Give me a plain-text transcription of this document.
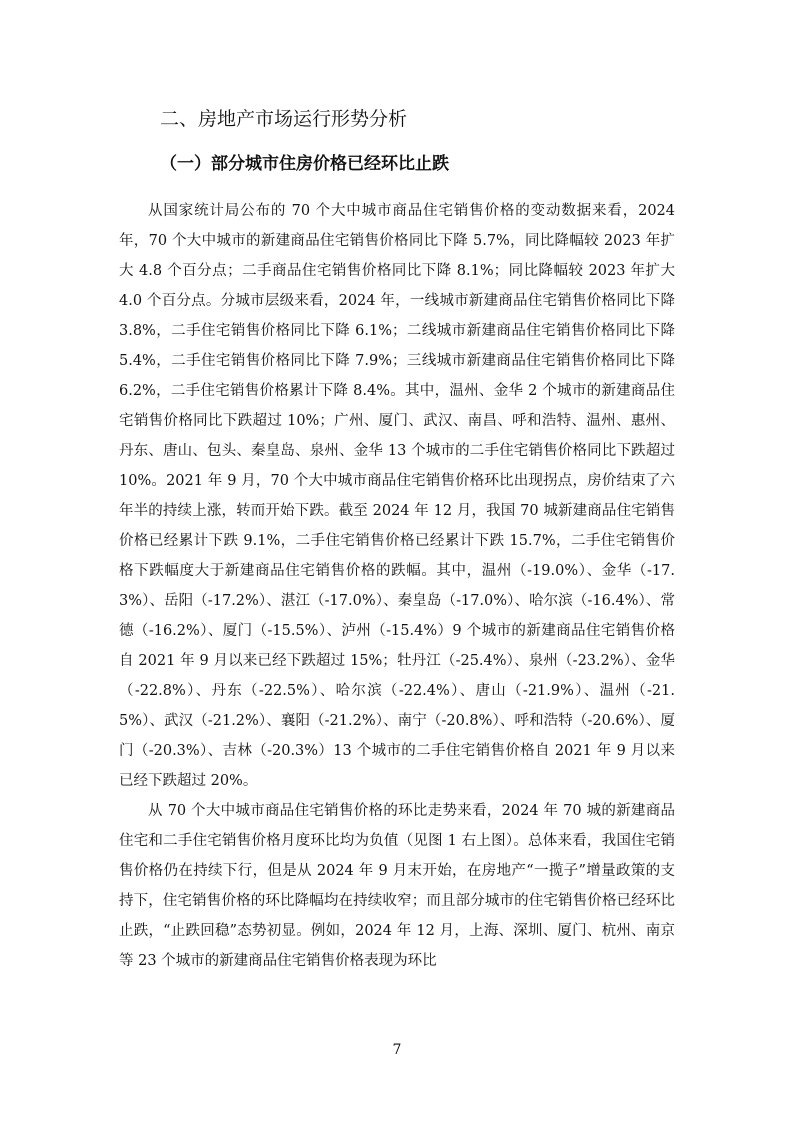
二、房地产市场运行形势分析
（一）部分城市住房价格已经环比止跌

从国家统计局公布的 70 个大中城市商品住宅销售价格的变动数据来看，2024 年，70 个大中城市的新建商品住宅销售价格同比下降 5.7%，同比降幅较 2023 年扩大 4.8 个百分点；二手商品住宅销售价格同比下降 8.1%；同比降幅较 2023 年扩大 4.0 个百分点。分城市层级来看，2024 年，一线城市新建商品住宅销售价格同比下降 3.8%，二手住宅销售价格同比下降 6.1%；二线城市新建商品住宅销售价格同比下降 5.4%，二手住宅销售价格同比下降 7.9%；三线城市新建商品住宅销售价格同比下降 6.2%，二手住宅销售价格累计下降 8.4%。其中，温州、金华 2 个城市的新建商品住宅销售价格同比下跌超过 10%；广州、厦门、武汉、南昌、呼和浩特、温州、惠州、丹东、唐山、包头、秦皇岛、泉州、金华 13 个城市的二手住宅销售价格同比下跌超过 10%。2021 年 9 月，70 个大中城市商品住宅销售价格环比出现拐点，房价结束了六年半的持续上涨，转而开始下跌。截至 2024 年 12 月，我国 70 城新建商品住宅销售价格已经累计下跌 9.1%，二手住宅销售价格已经累计下跌 15.7%，二手住宅销售价格下跌幅度大于新建商品住宅销售价格的跌幅。其中，温州（-19.0%）、金华（-17.3%）、岳阳（-17.2%）、湛江（-17.0%）、秦皇岛（-17.0%）、哈尔滨（-16.4%）、常德（-16.2%）、厦门（-15.5%）、泸州（-15.4%）9 个城市的新建商品住宅销售价格自 2021 年 9 月以来已经下跌超过 15%；牡丹江（-25.4%）、泉州（-23.2%）、金华（-22.8%）、丹东（-22.5%）、哈尔滨（-22.4%）、唐山（-21.9%）、温州（-21.5%）、武汉（-21.2%）、襄阳（-21.2%）、南宁（-20.8%）、呼和浩特（-20.6%）、厦门（-20.3%）、吉林（-20.3%）13 个城市的二手住宅销售价格自 2021 年 9 月以来已经下跌超过 20%。

从 70 个大中城市商品住宅销售价格的环比走势来看，2024 年 70 城的新建商品住宅和二手住宅销售价格月度环比均为负值（见图 1 右上图）。总体来看，我国住宅销售价格仍在持续下行，但是从 2024 年 9 月末开始，在房地产“一揽子”增量政策的支持下，住宅销售价格的环比降幅均在持续收窄；而且部分城市的住宅销售价格已经环比止跌，“止跌回稳”态势初显。例如，2024 年 12 月，上海、深圳、厦门、杭州、南京等 23 个城市的新建商品住宅销售价格表现为环比

7
